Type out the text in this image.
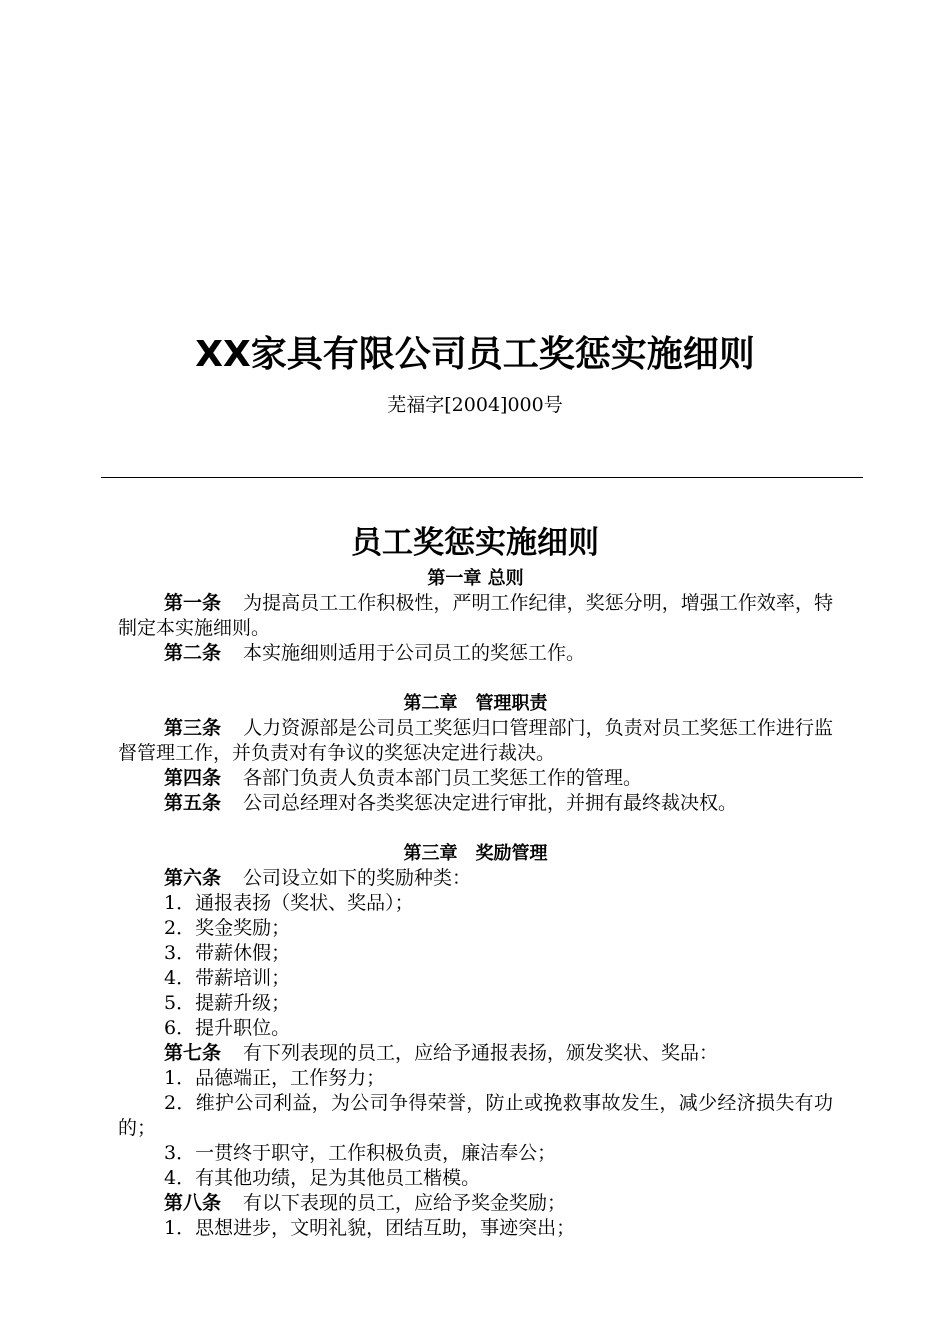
XX家具有限公司员工奖惩实施细则
芜福字[2004]000号
员工奖惩实施细则
第一章 总则

第一条 为提高员工工作积极性，严明工作纪律，奖惩分明，增强工作效率，特制定本实施细则。

第二条 本实施细则适用于公司员工的奖惩工作。

第二章　管理职责

第三条 人力资源部是公司员工奖惩归口管理部门，负责对员工奖惩工作进行监督管理工作，并负责对有争议的奖惩决定进行裁决。

第四条 各部门负责人负责本部门员工奖惩工作的管理。

第五条 公司总经理对各类奖惩决定进行审批，并拥有最终裁决权。

第三章　奖励管理

第六条 公司设立如下的奖励种类：

1．通报表扬（奖状、奖品）；

2．奖金奖励；

3．带薪休假；

4．带薪培训；

5．提薪升级；

6．提升职位。

第七条 有下列表现的员工，应给予通报表扬，颁发奖状、奖品：

1．品德端正，工作努力；

2．维护公司利益，为公司争得荣誉，防止或挽救事故发生，减少经济损失有功的；

3．一贯终于职守，工作积极负责，廉洁奉公；

4．有其他功绩，足为其他员工楷模。

第八条 有以下表现的员工，应给予奖金奖励；

1．思想进步，文明礼貌，团结互助，事迹突出；
